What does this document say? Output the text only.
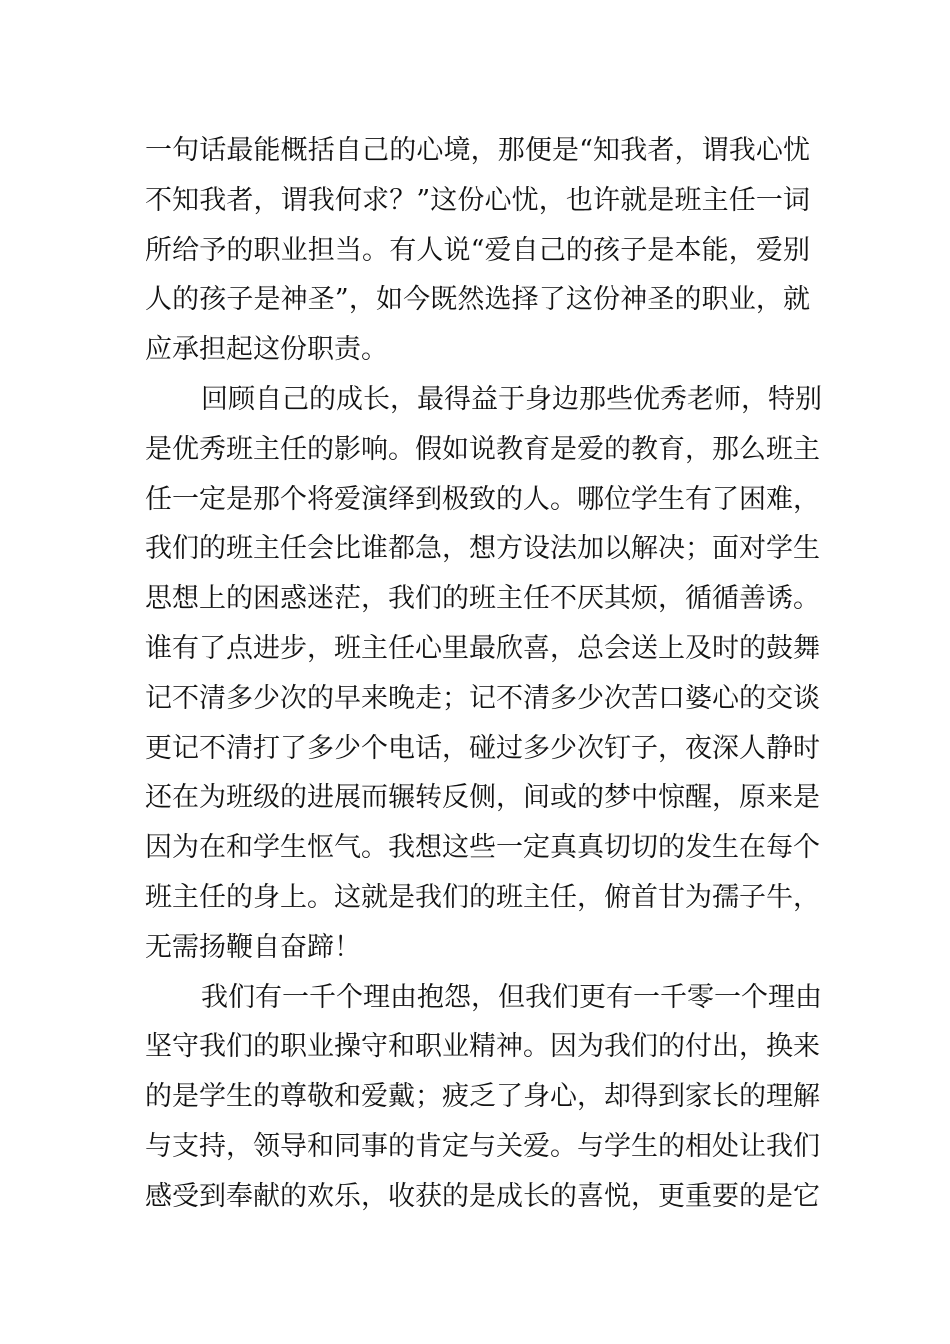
一句话最能概括自己的心境，那便是“知我者，谓我心忧
不知我者，谓我何求？”这份心忧，也许就是班主任一词
所给予的职业担当。有人说“爱自己的孩子是本能，爱别
人的孩子是神圣”，如今既然选择了这份神圣的职业，就
应承担起这份职责。
回顾自己的成长，最得益于身边那些优秀老师，特别
是优秀班主任的影响。假如说教育是爱的教育，那么班主
任一定是那个将爱演绎到极致的人。哪位学生有了困难，
我们的班主任会比谁都急，想方设法加以解决；面对学生
思想上的困惑迷茫，我们的班主任不厌其烦，循循善诱。
谁有了点进步，班主任心里最欣喜，总会送上及时的鼓舞
记不清多少次的早来晚走；记不清多少次苦口婆心的交谈
更记不清打了多少个电话，碰过多少次钉子，夜深人静时
还在为班级的进展而辗转反侧，间或的梦中惊醒，原来是
因为在和学生怄气。我想这些一定真真切切的发生在每个
班主任的身上。这就是我们的班主任，俯首甘为孺子牛，
无需扬鞭自奋蹄！
我们有一千个理由抱怨，但我们更有一千零一个理由
坚守我们的职业操守和职业精神。因为我们的付出，换来
的是学生的尊敬和爱戴；疲乏了身心，却得到家长的理解
与支持，领导和同事的肯定与关爱。与学生的相处让我们
感受到奉献的欢乐，收获的是成长的喜悦，更重要的是它
